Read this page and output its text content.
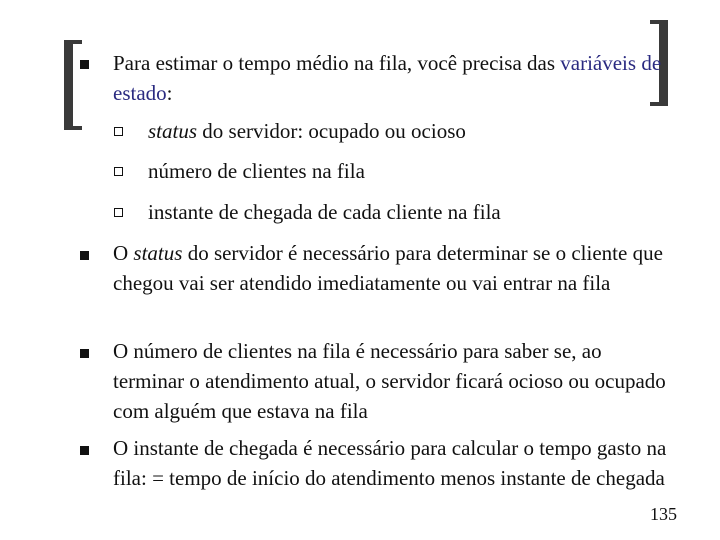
Para estimar o tempo médio na fila, você precisa das variáveis de estado:

status do servidor: ocupado ou ocioso

número de clientes na fila

instante de chegada de cada cliente na fila

O status do servidor é necessário para determinar se o cliente que chegou vai ser atendido imediatamente ou vai entrar na fila

O número de clientes na fila é necessário para saber se, ao terminar o atendimento atual, o servidor ficará ocioso ou ocupado com alguém que estava na fila

O instante de chegada é necessário para calcular o tempo gasto na fila: = tempo de início do atendimento menos instante de chegada

135
